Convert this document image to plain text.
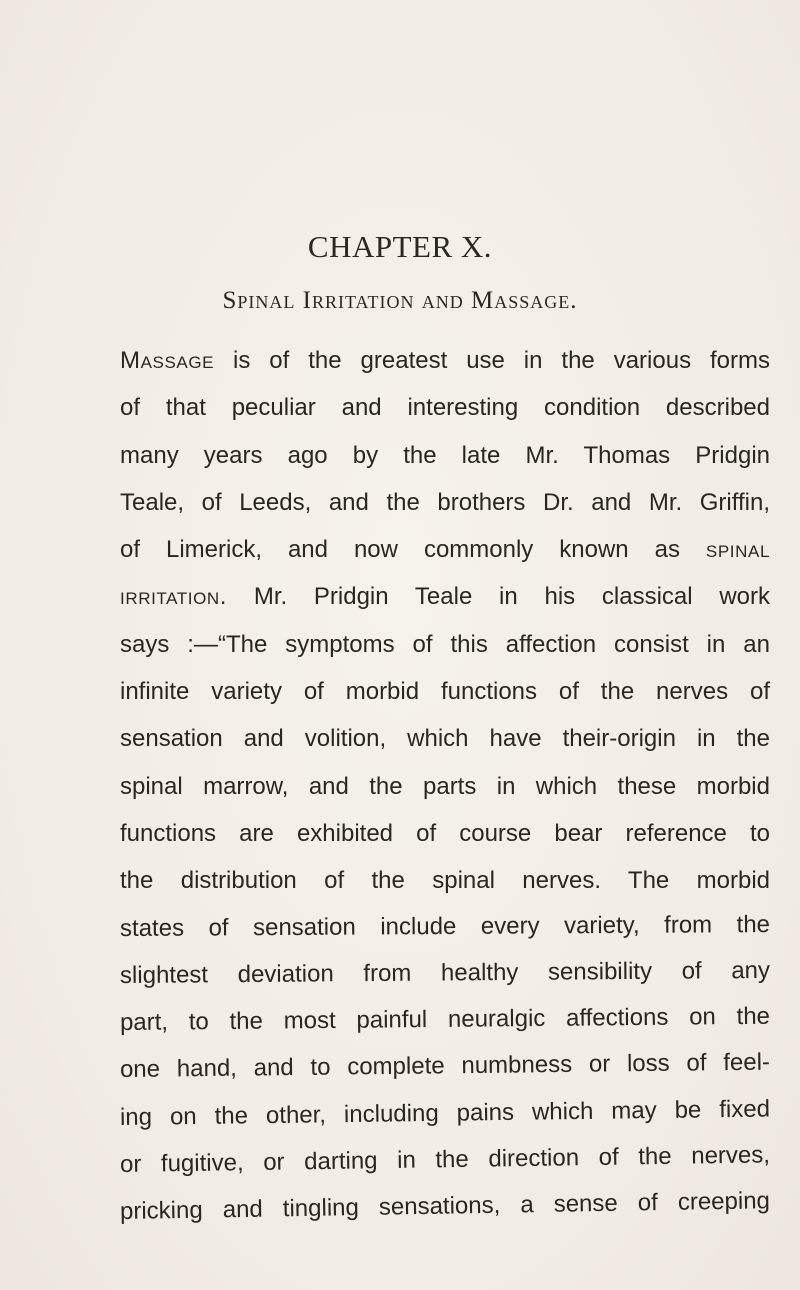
CHAPTER X.
Spinal Irritation and Massage.
Massage is of the greatest use in the various forms
of that peculiar and interesting condition described
many years ago by the late Mr. Thomas Pridgin
Teale, of Leeds, and the brothers Dr. and Mr. Griffin,
of Limerick, and now commonly known as spinal
irritation. Mr. Pridgin Teale in his classical work
says :—“The symptoms of this affection consist in an
infinite variety of morbid functions of the nerves of
sensation and volition, which have their-origin in the
spinal marrow, and the parts in which these morbid
functions are exhibited of course bear reference to
the distribution of the spinal nerves. The morbid
states of sensation include every variety, from the
slightest deviation from healthy sensibility of any
part, to the most painful neuralgic affections on the
one hand, and to complete numbness or loss of feel-
ing on the other, including pains which may be fixed
or fugitive, or darting in the direction of the nerves,
pricking and tingling sensations, a sense of creeping
